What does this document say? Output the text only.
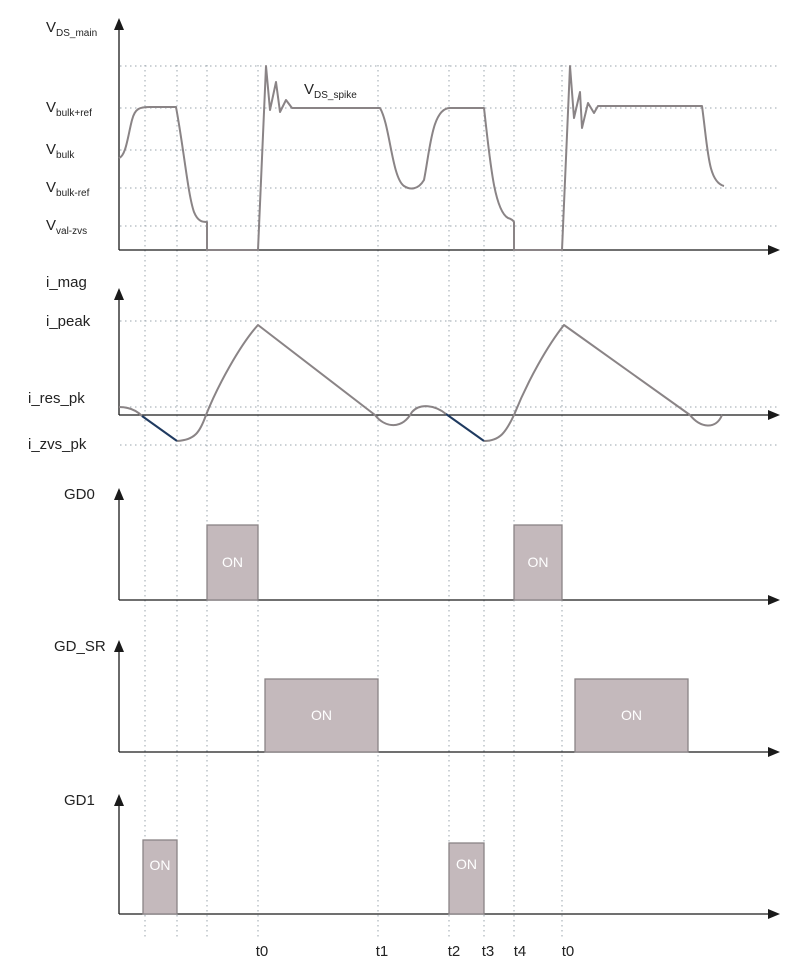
$V_{DS\_main}$
$V_{bulk+ref}$
$V_{bulk}$
$V_{bulk-ref}$
$V_{val-zvs}$
$V_{DS\_spike}$
i_mag
i_peak
i_res_pk
i_zvs_pk
GD0
ON	ON
GD_SR
ON	ON
GD1
ON	ON
t0	t1	t2 t3 t4 t0
